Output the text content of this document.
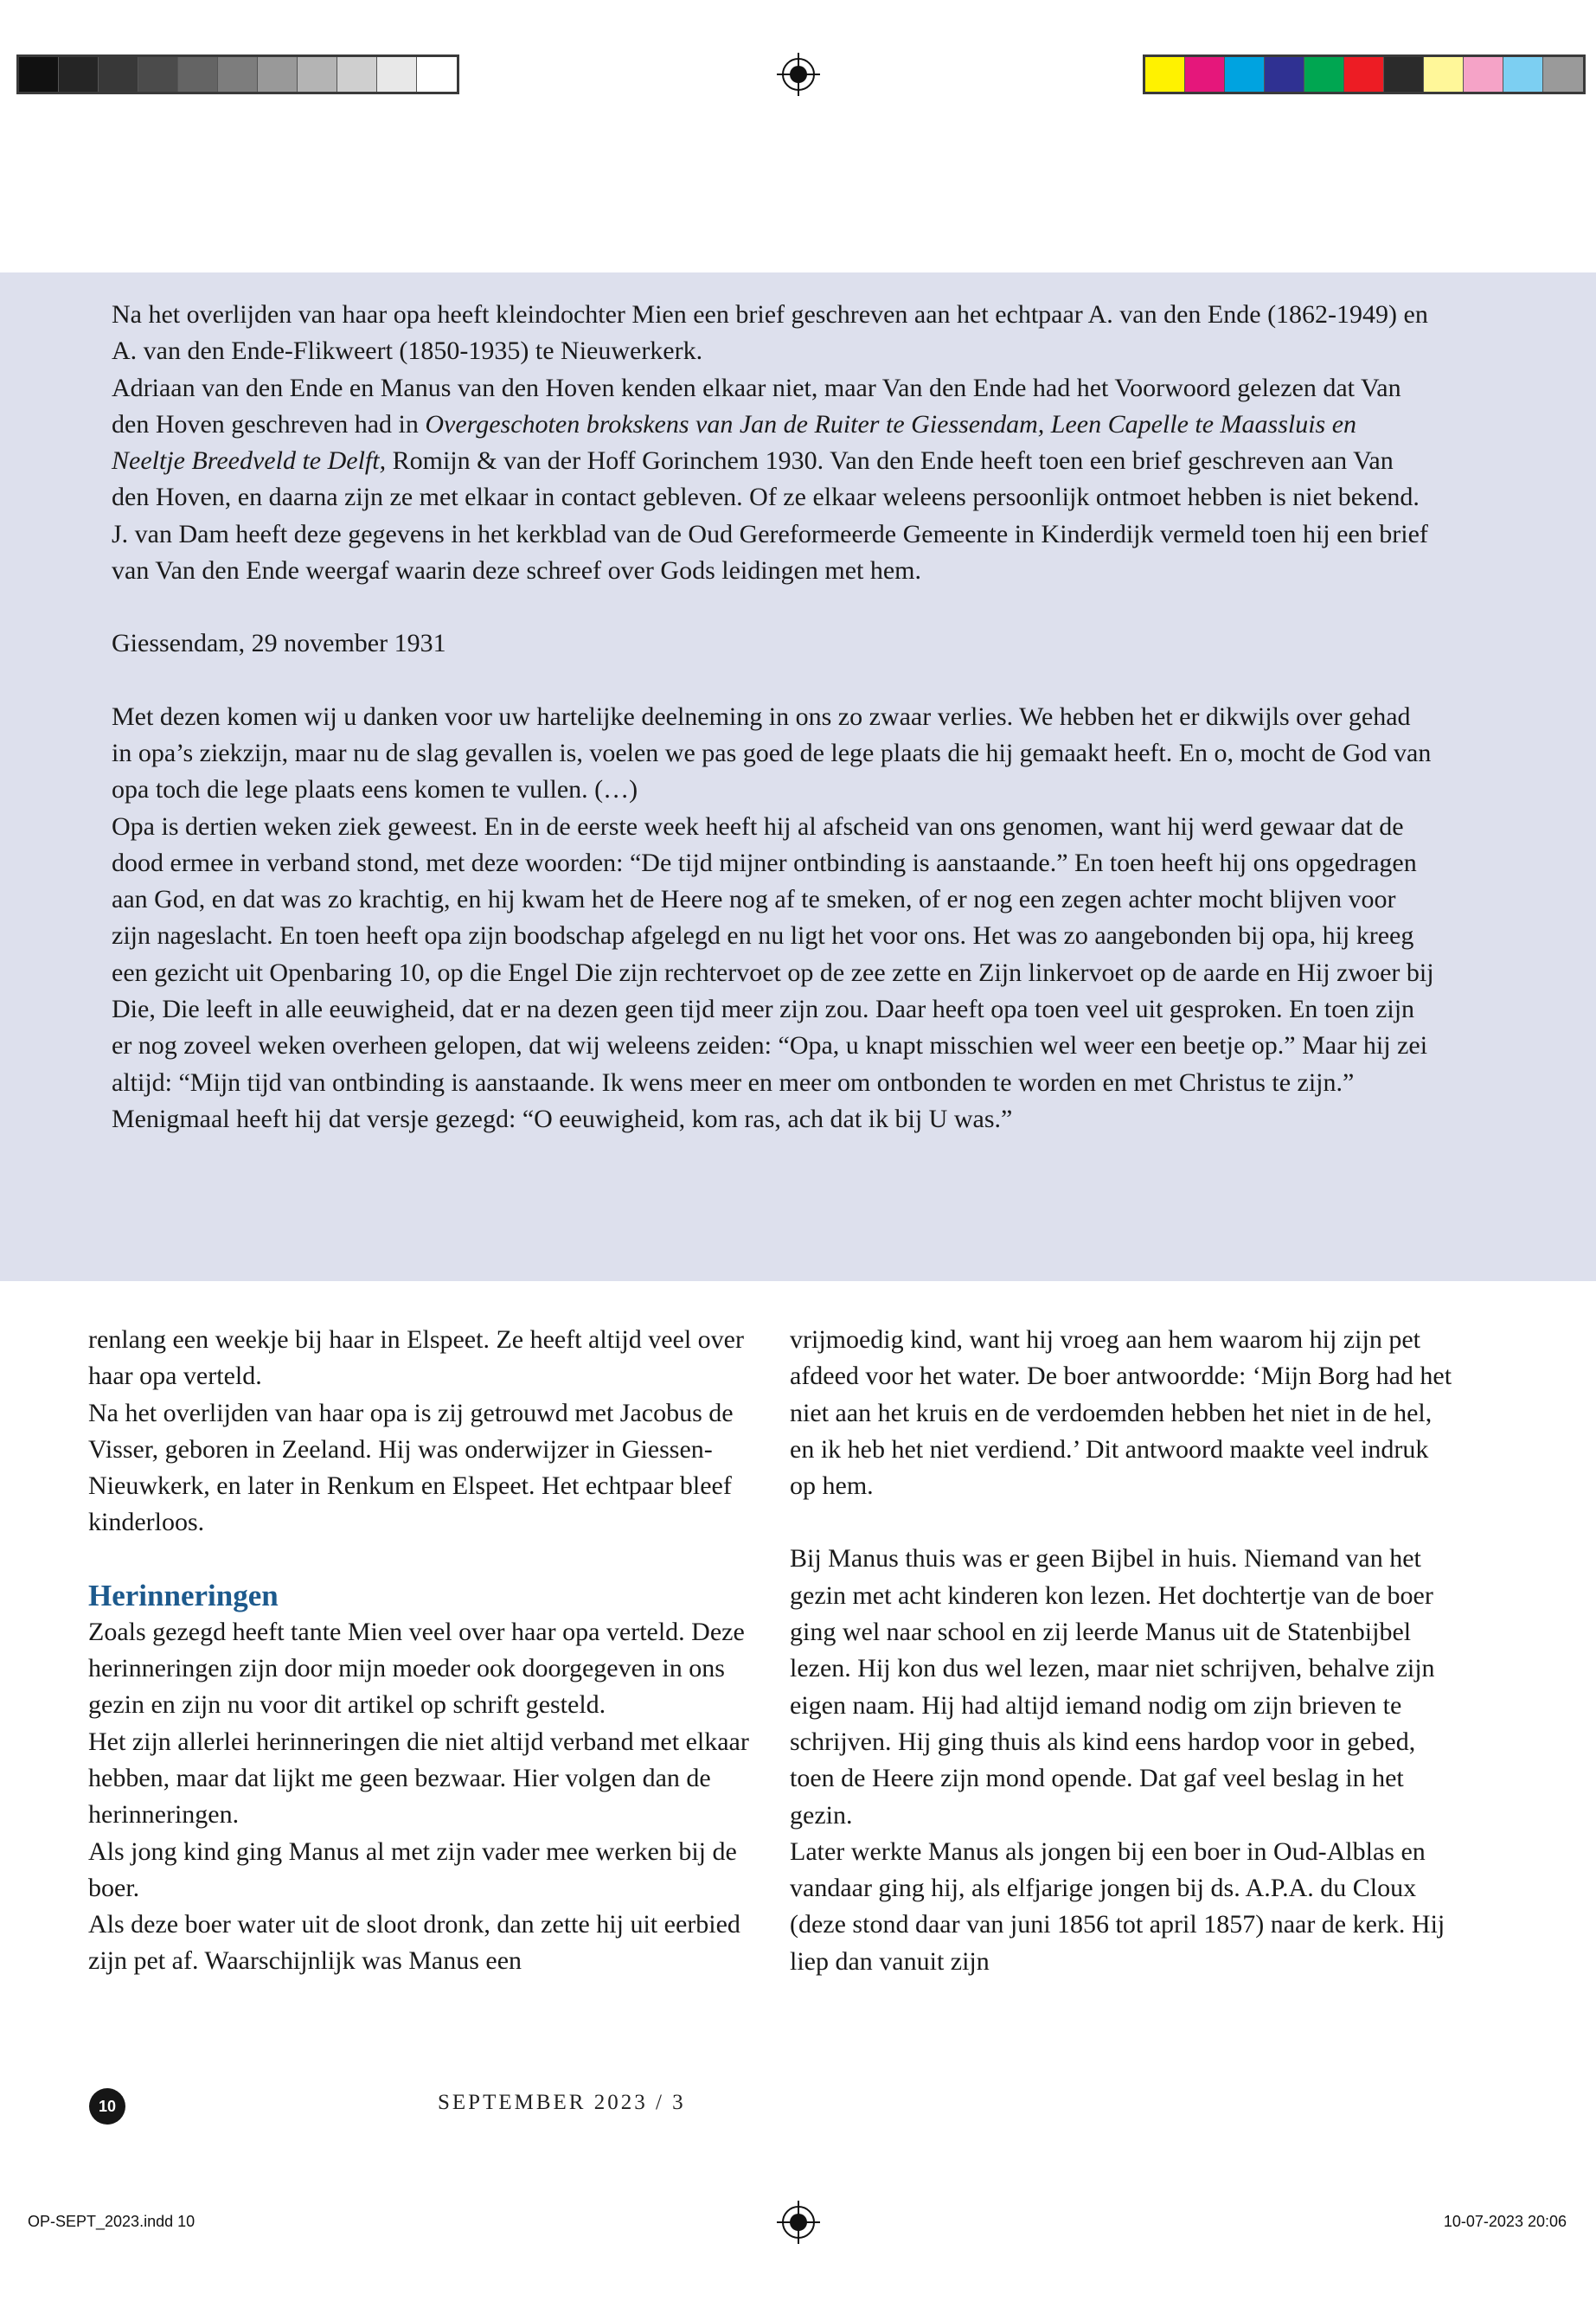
Na het overlijden van haar opa heeft kleindochter Mien een brief geschreven aan het echtpaar A. van den Ende (1862-1949) en A. van den Ende-Flikweert (1850-1935) te Nieuwerkerk.

Adriaan van den Ende en Manus van den Hoven kenden elkaar niet, maar Van den Ende had het Voorwoord gelezen dat Van den Hoven geschreven had in Overgeschoten brokskens van Jan de Ruiter te Giessendam, Leen Capelle te Maassluis en Neeltje Breedveld te Delft, Romijn & van der Hoff Gorinchem 1930. Van den Ende heeft toen een brief geschreven aan Van den Hoven, en daarna zijn ze met elkaar in contact gebleven. Of ze elkaar weleens persoonlijk ontmoet hebben is niet bekend.

J. van Dam heeft deze gegevens in het kerkblad van de Oud Gereformeerde Gemeente in Kinderdijk vermeld toen hij een brief van Van den Ende weergaf waarin deze schreef over Gods leidingen met hem.

Giessendam, 29 november 1931

Met dezen komen wij u danken voor uw hartelijke deelneming in ons zo zwaar verlies. We hebben het er dikwijls over gehad in opa’s ziekzijn, maar nu de slag gevallen is, voelen we pas goed de lege plaats die hij gemaakt heeft. En o, mocht de God van opa toch die lege plaats eens komen te vullen. (…)

Opa is dertien weken ziek geweest. En in de eerste week heeft hij al afscheid van ons genomen, want hij werd gewaar dat de dood ermee in verband stond, met deze woorden: “De tijd mijner ontbinding is aanstaande.” En toen heeft hij ons opgedragen aan God, en dat was zo krachtig, en hij kwam het de Heere nog af te smeken, of er nog een zegen achter mocht blijven voor zijn nageslacht. En toen heeft opa zijn boodschap afgelegd en nu ligt het voor ons. Het was zo aangebonden bij opa, hij kreeg een gezicht uit Openbaring 10, op die Engel Die zijn rechtervoet op de zee zette en Zijn linkervoet op de aarde en Hij zwoer bij Die, Die leeft in alle eeuwigheid, dat er na dezen geen tijd meer zijn zou. Daar heeft opa toen veel uit gesproken. En toen zijn er nog zoveel weken overheen gelopen, dat wij weleens zeiden: “Opa, u knapt misschien wel weer een beetje op.” Maar hij zei altijd: “Mijn tijd van ontbinding is aanstaande. Ik wens meer en meer om ontbonden te worden en met Christus te zijn.” Menigmaal heeft hij dat versje gezegd: “O eeuwigheid, kom ras, ach dat ik bij U was.”

renlang een weekje bij haar in Elspeet. Ze heeft altijd veel over haar opa verteld.

Na het overlijden van haar opa is zij getrouwd met Jacobus de Visser, geboren in Zeeland. Hij was onderwijzer in Giessen-Nieuwkerk, en later in Renkum en Elspeet. Het echtpaar bleef kinderloos.

Herinneringen

Zoals gezegd heeft tante Mien veel over haar opa verteld. Deze herinneringen zijn door mijn moeder ook doorgegeven in ons gezin en zijn nu voor dit artikel op schrift gesteld.

Het zijn allerlei herinneringen die niet altijd verband met elkaar hebben, maar dat lijkt me geen bezwaar. Hier volgen dan de herinneringen.

Als jong kind ging Manus al met zijn vader mee werken bij de boer.

Als deze boer water uit de sloot dronk, dan zette hij uit eerbied zijn pet af. Waarschijnlijk was Manus een

vrijmoedig kind, want hij vroeg aan hem waarom hij zijn pet afdeed voor het water. De boer antwoordde: ‘Mijn Borg had het niet aan het kruis en de verdoemden hebben het niet in de hel, en ik heb het niet verdiend.’ Dit antwoord maakte veel indruk op hem.

Bij Manus thuis was er geen Bijbel in huis. Niemand van het gezin met acht kinderen kon lezen. Het dochtertje van de boer ging wel naar school en zij leerde Manus uit de Statenbijbel lezen. Hij kon dus wel lezen, maar niet schrijven, behalve zijn eigen naam. Hij had altijd iemand nodig om zijn brieven te schrijven. Hij ging thuis als kind eens hardop voor in gebed, toen de Heere zijn mond opende. Dat gaf veel beslag in het gezin.

Later werkte Manus als jongen bij een boer in Oud-Alblas en vandaar ging hij, als elfjarige jongen bij ds. A.P.A. du Cloux (deze stond daar van juni 1856 tot april 1857) naar de kerk. Hij liep dan vanuit zijn

10	SEPTEMBER 2023 / 3
OP-SEPT_2023.indd 10	10-07-2023 20:06
